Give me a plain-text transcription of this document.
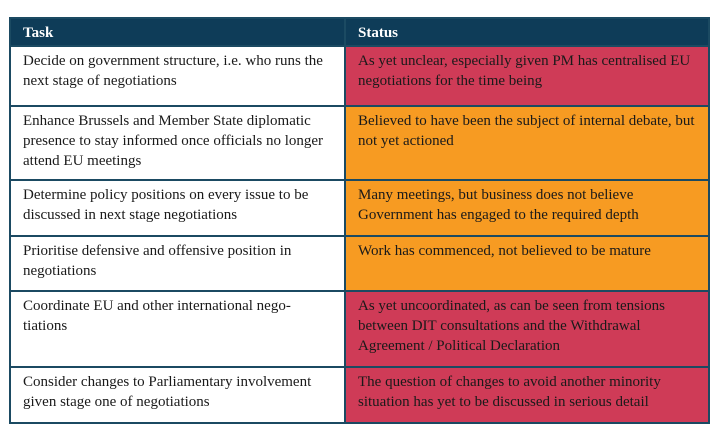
Task	Status
Decide on government structure, i.e. who runs the next stage of negotiations	As yet unclear, especially given PM has centralised EU negotiations for the time being
Enhance Brussels and Member State diplomatic presence to stay informed once officials no longer attend EU meetings	Believed to have been the subject of internal debate, but not yet actioned
Determine policy positions on every issue to be discussed in next stage negotiations	Many meetings, but business does not believe Government has engaged to the required depth
Prioritise defensive and offensive position in negotiations	Work has commenced, not believed to be mature
Coordinate EU and other international nego-tiations	As yet uncoordinated, as can be seen from tensions between DIT consultations and the Withdrawal Agreement / Political Declaration
Consider changes to Parliamentary involvement given stage one of negotiations	The question of changes to avoid another minority situation has yet to be discussed in serious detail
